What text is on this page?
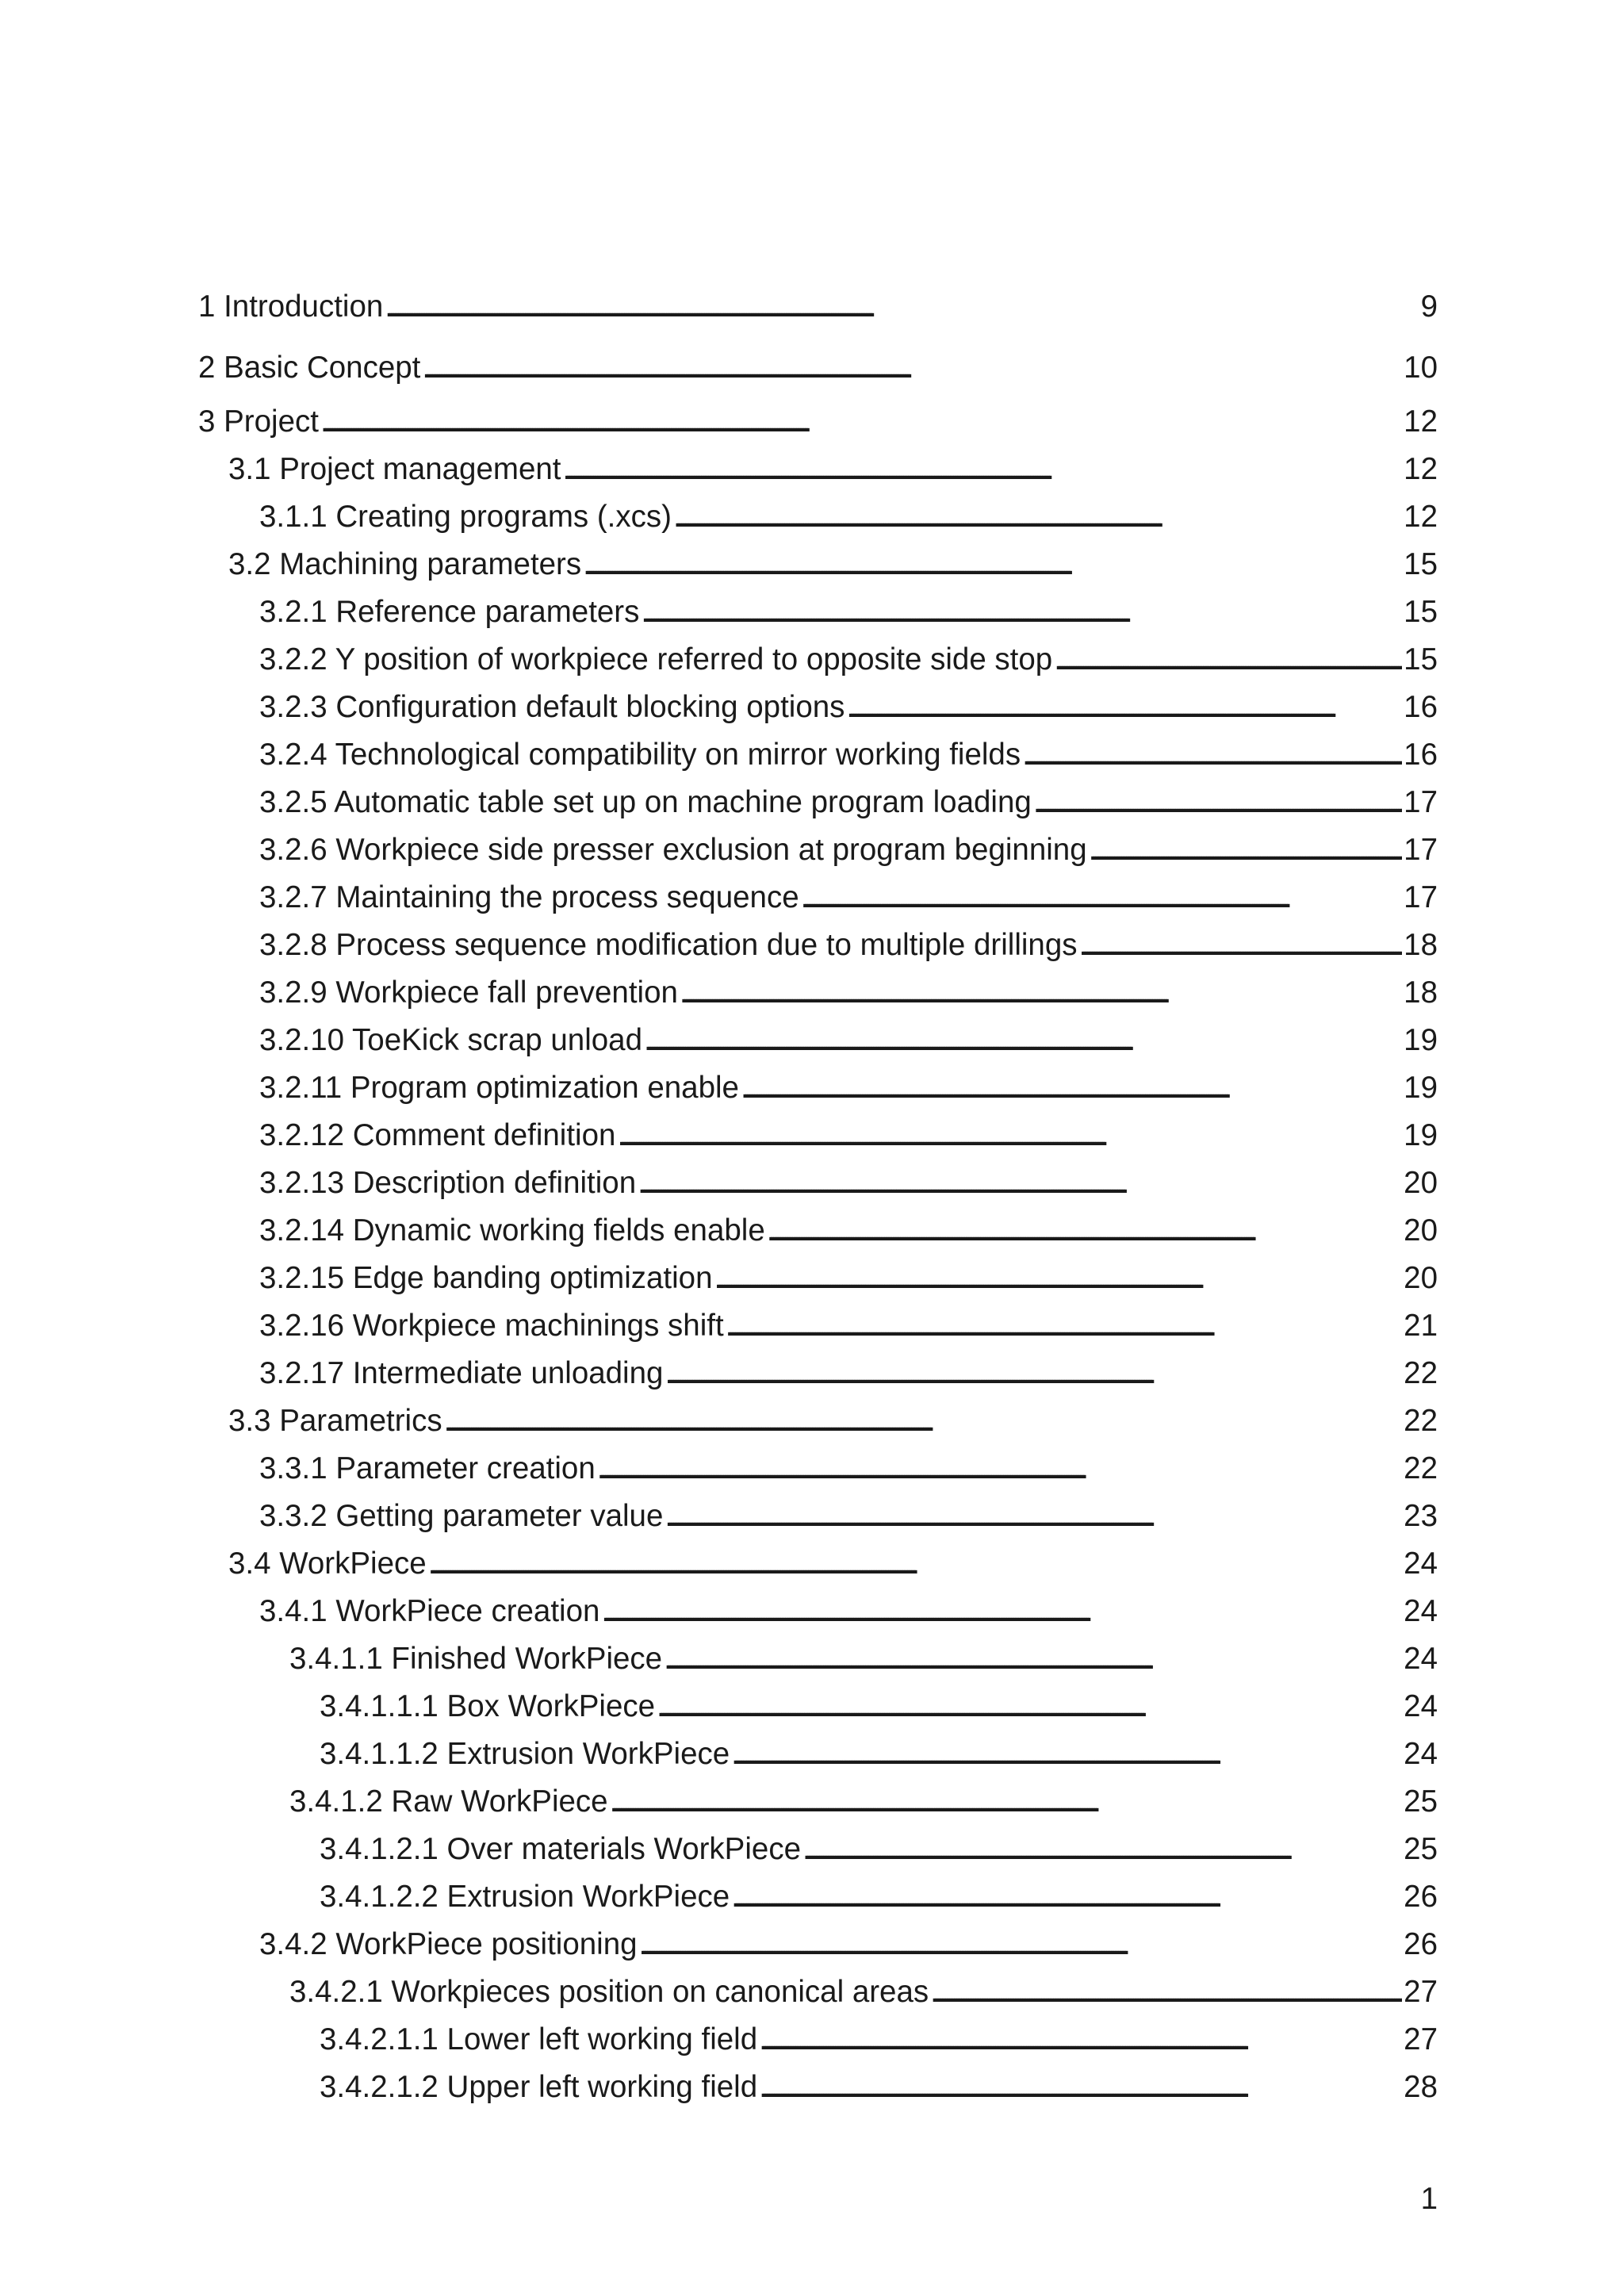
1 Introduction . . .	9
2 Basic Concept . . .	10
3 Project . . .	12
3.1 Project management . . .	12
3.1.1 Creating programs (.xcs) . . .	12
3.2 Machining parameters . . .	15
3.2.1 Reference parameters . . .	15
3.2.2 Y position of workpiece referred to opposite side stop . . .	15
3.2.3 Configuration default blocking options . . .	16
3.2.4 Technological compatibility on mirror working fields . . .	16
3.2.5 Automatic table set up on machine program loading . . .	17
3.2.6 Workpiece side presser exclusion at program beginning . . .	17
3.2.7 Maintaining the process sequence . . .	17
3.2.8 Process sequence modification due to multiple drillings . . .	18
3.2.9 Workpiece fall prevention . . .	18
3.2.10 ToeKick scrap unload . . .	19
3.2.11 Program optimization enable . . .	19
3.2.12 Comment definition . . .	19
3.2.13 Description definition . . .	20
3.2.14 Dynamic working fields enable . . .	20
3.2.15 Edge banding optimization . . .	20
3.2.16 Workpiece machinings shift . . .	21
3.2.17 Intermediate unloading . . .	22
3.3 Parametrics . . .	22
3.3.1 Parameter creation . . .	22
3.3.2 Getting parameter value . . .	23
3.4 WorkPiece . . .	24
3.4.1 WorkPiece creation . . .	24
3.4.1.1 Finished WorkPiece . . .	24
3.4.1.1.1 Box WorkPiece . . .	24
3.4.1.1.2 Extrusion WorkPiece . . .	24
3.4.1.2 Raw WorkPiece . . .	25
3.4.1.2.1 Over materials WorkPiece . . .	25
3.4.1.2.2 Extrusion WorkPiece . . .	26
3.4.2 WorkPiece positioning . . .	26
3.4.2.1 Workpieces position on canonical areas . . .	27
3.4.2.1.1 Lower left working field . . .	27
3.4.2.1.2 Upper left working field . . .	28
1
